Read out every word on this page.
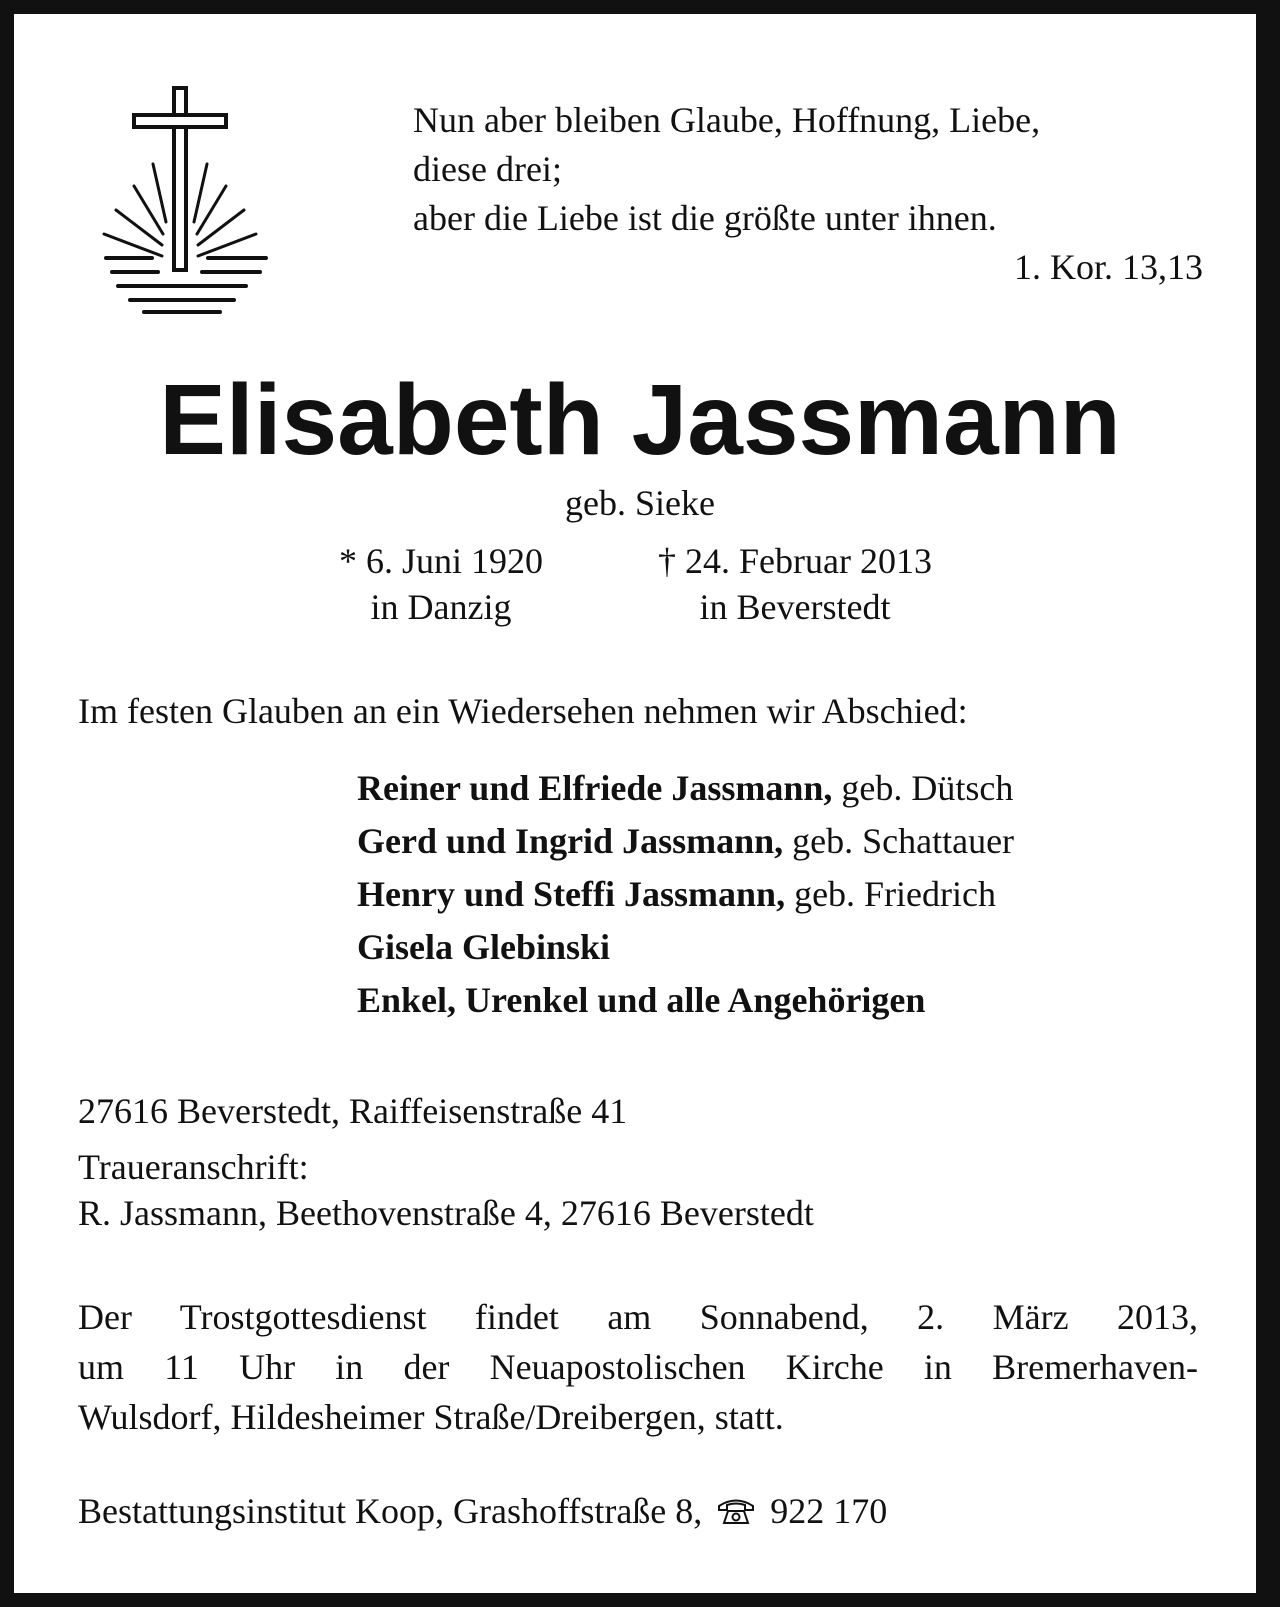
Nun aber bleiben Glaube, Hoffnung, Liebe,
diese drei;
aber die Liebe ist die größte unter ihnen.
1. Kor. 13,13
Elisabeth Jassmann
geb. Sieke
* 6. Juni 1920
in Danzig
† 24. Februar 2013
in Beverstedt
Im festen Glauben an ein Wiedersehen nehmen wir Abschied:
Reiner und Elfriede Jassmann, geb. Dütsch
Gerd und Ingrid Jassmann, geb. Schattauer
Henry und Steffi Jassmann, geb. Friedrich
Gisela Glebinski
Enkel, Urenkel und alle Angehörigen
27616 Beverstedt, Raiffeisenstraße 41
Traueranschrift:
R. Jassmann, Beethovenstraße 4, 27616 Beverstedt
Der Trostgottesdienst findet am Sonnabend, 2. März 2013,
um 11 Uhr in der Neuapostolischen Kirche in Bremerhaven-
Wulsdorf, Hildesheimer Straße/Dreibergen, statt.
Bestattungsinstitut Koop, Grashoffstraße 8, 922 170
